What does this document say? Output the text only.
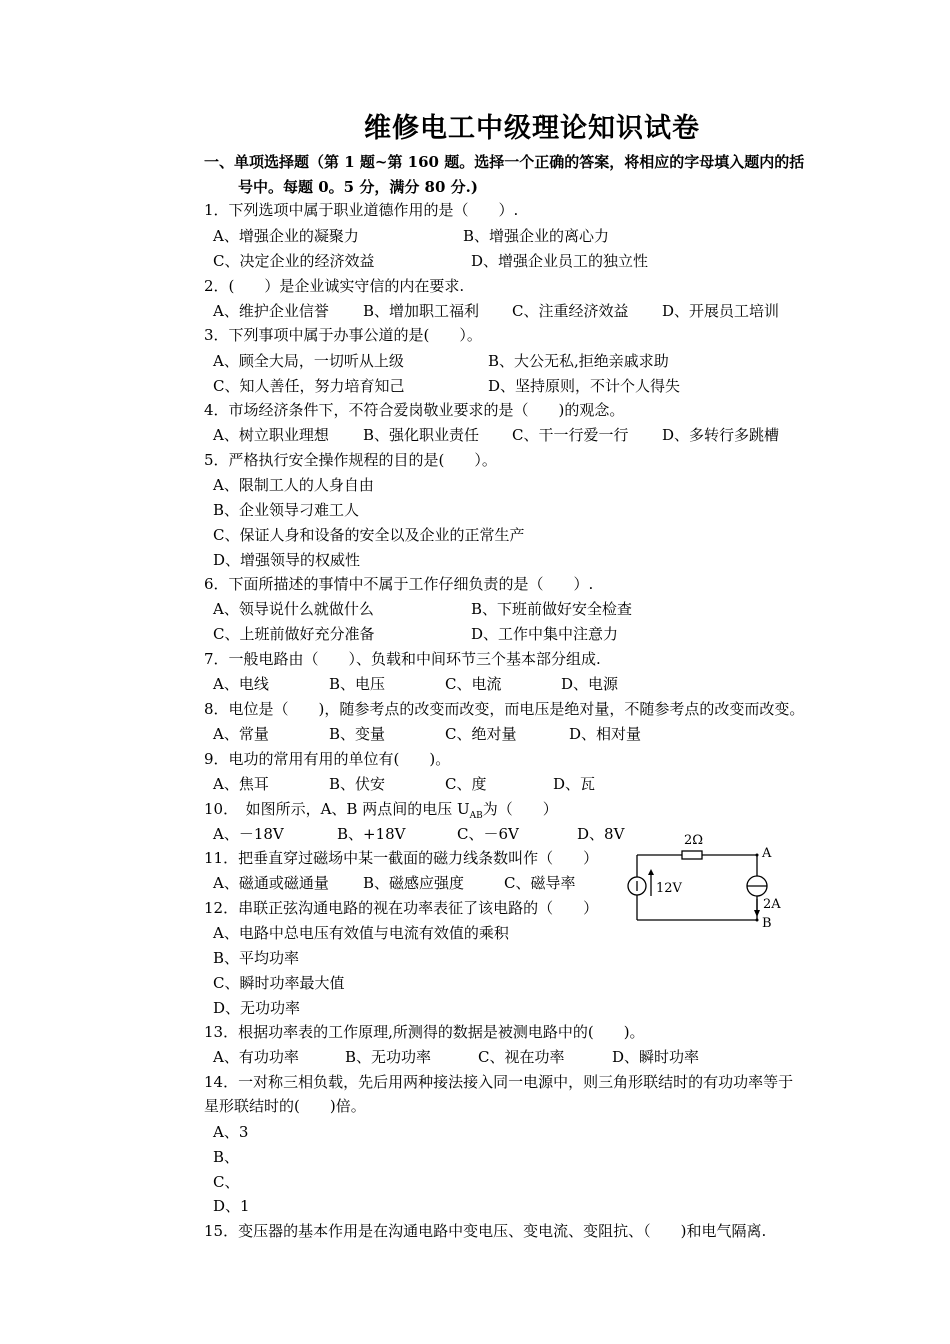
维修电工中级理论知识试卷
一、单项选择题（第 1 题~第 160 题。选择一个正确的答案，将相应的字母填入题内的括
号中。每题 0。5 分，满分 80 分.)
1．下列选项中属于职业道德作用的是（　　）.
A、增强企业的凝聚力	B、增强企业的离心力
C、决定企业的经济效益	D、增强企业员工的独立性
2．(　　）是企业诚实守信的内在要求.
A、维护企业信誉 B、增加职工福利 C、注重经济效益 D、开展员工培训
3．下列事项中属于办事公道的是(　　）。
A、顾全大局，一切听从上级	B、大公无私,拒绝亲戚求助
C、知人善任，努力培育知己	D、坚持原则，不计个人得失
4．市场经济条件下，不符合爱岗敬业要求的是（　　)的观念。
A、树立职业理想 B、强化职业责任 C、干一行爱一行 D、多转行多跳槽
5．严格执行安全操作规程的目的是(　　）。
A、限制工人的人身自由
B、企业领导刁难工人
C、保证人身和设备的安全以及企业的正常生产
D、增强领导的权威性
6．下面所描述的事情中不属于工作仔细负责的是（　　）.
A、领导说什么就做什么	B、下班前做好安全检查
C、上班前做好充分准备	D、工作中集中注意力
7．一般电路由（　　）、负载和中间环节三个基本部分组成.
A、电线	B、电压	C、电流	D、电源
8．电位是（　　)，随参考点的改变而改变，而电压是绝对量，不随参考点的改变而改变。
A、常量	B、变量	C、绝对量	D、相对量
9．电功的常用有用的单位有(　　)。
A、焦耳	B、伏安	C、度	D、瓦
10．　如图所示，A、B 两点间的电压 $U_{AB}$为（　　）
A、－18V	B、+18V	C、－6V	D、8V
11．把垂直穿过磁场中某一截面的磁力线条数叫作（　　）
A、磁通或磁通量 B、磁感应强度	C、磁导率
12．串联正弦沟通电路的视在功率表征了该电路的（　　）
A、电路中总电压有效值与电流有效值的乘积
B、平均功率
C、瞬时功率最大值
D、无功功率
13．根据功率表的工作原理,所测得的数据是被测电路中的(　　)。
A、有功功率	B、无功功率	C、视在功率	D、瞬时功率
14．一对称三相负载，先后用两种接法接入同一电源中，则三角形联结时的有功功率等于
星形联结时的(　　)倍。
A、3
B、
C、
D、1
15．变压器的基本作用是在沟通电路中变电压、变电流、变阻抗、（　　)和电气隔离.
2Ω
12V
2A
A
B
